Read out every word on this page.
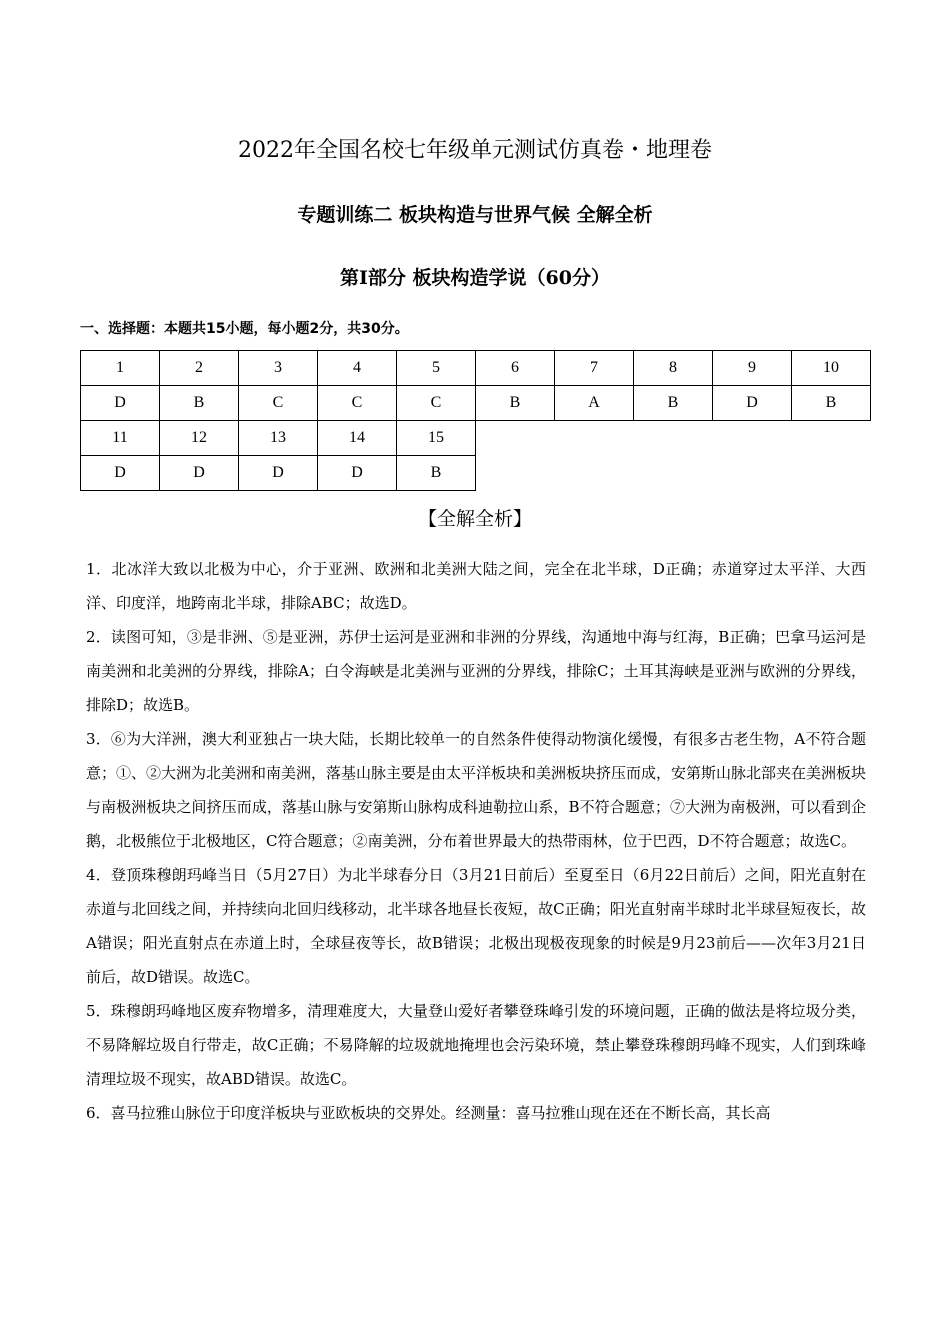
2022年全国名校七年级单元测试仿真卷・地理卷
专题训练二 板块构造与世界气候 全解全析
第Ⅰ部分 板块构造学说（60分）
一、选择题：本题共15小题，每小题2分，共30分。
1	2	3	4	5	6	7	8	9	10
D	B	C	C	C	B	A	B	D	B
11	12	13	14	15					
D	D	D	D	B					
【全解全析】

1．北冰洋大致以北极为中心，介于亚洲、欧洲和北美洲大陆之间，完全在北半球，D正确；赤道穿过太平洋、大西洋、印度洋，地跨南北半球，排除ABC；故选D。

2．读图可知，③是非洲、⑤是亚洲，苏伊士运河是亚洲和非洲的分界线，沟通地中海与红海，B正确；巴拿马运河是南美洲和北美洲的分界线，排除A；白令海峡是北美洲与亚洲的分界线，排除C；土耳其海峡是亚洲与欧洲的分界线，排除D；故选B。

3．⑥为大洋洲，澳大利亚独占一块大陆，长期比较单一的自然条件使得动物演化缓慢，有很多古老生物，A不符合题意；①、②大洲为北美洲和南美洲，落基山脉主要是由太平洋板块和美洲板块挤压而成，安第斯山脉北部夹在美洲板块与南极洲板块之间挤压而成，落基山脉与安第斯山脉构成科迪勒拉山系，B不符合题意；⑦大洲为南极洲，可以看到企鹅，北极熊位于北极地区，C符合题意；②南美洲，分布着世界最大的热带雨林，位于巴西，D不符合题意；故选C。

4．登顶珠穆朗玛峰当日（5月27日）为北半球春分日（3月21日前后）至夏至日（6月22日前后）之间，阳光直射在赤道与北回线之间，并持续向北回归线移动，北半球各地昼长夜短，故C正确；阳光直射南半球时北半球昼短夜长，故A错误；阳光直射点在赤道上时，全球昼夜等长，故B错误；北极出现极夜现象的时候是9月23前后——次年3月21日前后，故D错误。故选C。

5．珠穆朗玛峰地区废弃物增多，清理难度大，大量登山爱好者攀登珠峰引发的环境问题，正确的做法是将垃圾分类，不易降解垃圾自行带走，故C正确；不易降解的垃圾就地掩埋也会污染环境，禁止攀登珠穆朗玛峰不现实，人们到珠峰清理垃圾不现实，故ABD错误。故选C。

6．喜马拉雅山脉位于印度洋板块与亚欧板块的交界处。经测量：喜马拉雅山现在还在不断长高，其长高
